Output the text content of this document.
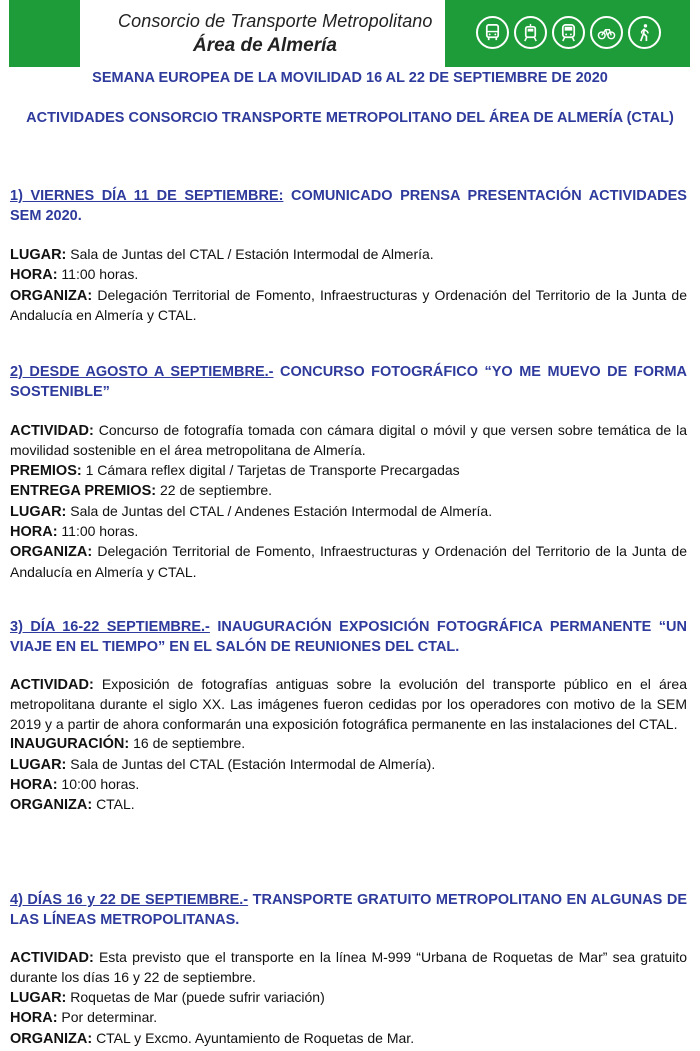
Consorcio de Transporte Metropolitano
Área de Almería
SEMANA EUROPEA DE LA MOVILIDAD 16 AL 22 DE SEPTIEMBRE DE 2020
ACTIVIDADES CONSORCIO TRANSPORTE METROPOLITANO DEL ÁREA DE ALMERÍA (CTAL)

1) VIERNES DÍA 11 DE SEPTIEMBRE: COMUNICADO PRENSA PRESENTACIÓN ACTIVIDADES SEM 2020.

LUGAR: Sala de Juntas del CTAL / Estación Intermodal de Almería.
HORA: 11:00 horas.
ORGANIZA: Delegación Territorial de Fomento, Infraestructuras y Ordenación del Territorio de la Junta de Andalucía en Almería y CTAL.

2) DESDE AGOSTO A SEPTIEMBRE.- CONCURSO FOTOGRÁFICO “YO ME MUEVO DE FORMA SOSTENIBLE”

ACTIVIDAD: Concurso de fotografía tomada con cámara digital o móvil y que versen sobre temática de la movilidad sostenible en el área metropolitana de Almería.
PREMIOS: 1 Cámara reflex digital / Tarjetas de Transporte Precargadas
ENTREGA PREMIOS: 22 de septiembre.
LUGAR: Sala de Juntas del CTAL / Andenes Estación Intermodal de Almería.
HORA: 11:00 horas.
ORGANIZA: Delegación Territorial de Fomento, Infraestructuras y Ordenación del Territorio de la Junta de Andalucía en Almería y CTAL.

3) DÍA 16-22 SEPTIEMBRE.- INAUGURACIÓN EXPOSICIÓN FOTOGRÁFICA PERMANENTE “UN VIAJE EN EL TIEMPO” EN EL SALÓN DE REUNIONES DEL CTAL.

ACTIVIDAD: Exposición de fotografías antiguas sobre la evolución del transporte público en el área metropolitana durante el siglo XX. Las imágenes fueron cedidas por los operadores con motivo de la SEM 2019 y a partir de ahora conformarán una exposición fotográfica permanente en las instalaciones del CTAL.
INAUGURACIÓN: 16 de septiembre.
LUGAR: Sala de Juntas del CTAL (Estación Intermodal de Almería).
HORA: 10:00 horas.
ORGANIZA: CTAL.

4) DÍAS 16 y 22 DE SEPTIEMBRE.- TRANSPORTE GRATUITO METROPOLITANO EN ALGUNAS DE LAS LÍNEAS METROPOLITANAS.

ACTIVIDAD: Esta previsto que el transporte en la línea M-999 “Urbana de Roquetas de Mar” sea gratuito durante los días 16 y 22 de septiembre.
LUGAR: Roquetas de Mar (puede sufrir variación)
HORA: Por determinar.
ORGANIZA: CTAL y Excmo. Ayuntamiento de Roquetas de Mar.
